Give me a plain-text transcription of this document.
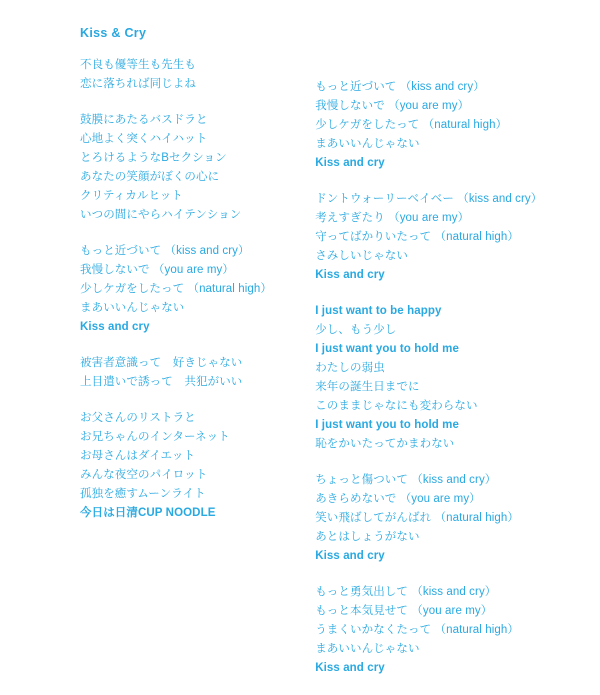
Kiss & Cry
不良も優等生も先生も
恋に落ちれば同じよね
鼓膜にあたるバスドラと
心地よく突くハイハット
とろけるようなBセクション
あなたの笑顔がぼくの心に
クリティカルヒット
いつの間にやらハイテンション
もっと近づいて （kiss and cry）
我慢しないで （you are my）
少しケガをしたって （natural high）
まあいいんじゃない
Kiss and cry
被害者意識って　好きじゃない
上目遣いで誘って　共犯がいい
お父さんのリストラと
お兄ちゃんのインターネット
お母さんはダイエット
みんな夜空のパイロット
孤独を癒すムーンライト
今日は日清CUP NOODLE
もっと近づいて （kiss and cry）
我慢しないで （you are my）
少しケガをしたって （natural high）
まあいいんじゃない
Kiss and cry
ドントウォーリーベイベー （kiss and cry）
考えすぎたり （you are my）
守ってばかりいたって （natural high）
さみしいじゃない
Kiss and cry
I just want to be happy
少し、もう少し
I just want you to hold me
わたしの弱虫
来年の誕生日までに
このままじゃなにも変わらない
I just want you to hold me
恥をかいたってかまわない
ちょっと傷ついて （kiss and cry）
あきらめないで （you are my）
笑い飛ばしてがんばれ （natural high）
あとはしょうがない
Kiss and cry
もっと勇気出して （kiss and cry）
もっと本気見せて （you are my）
うまくいかなくたって （natural high）
まあいいんじゃない
Kiss and cry
